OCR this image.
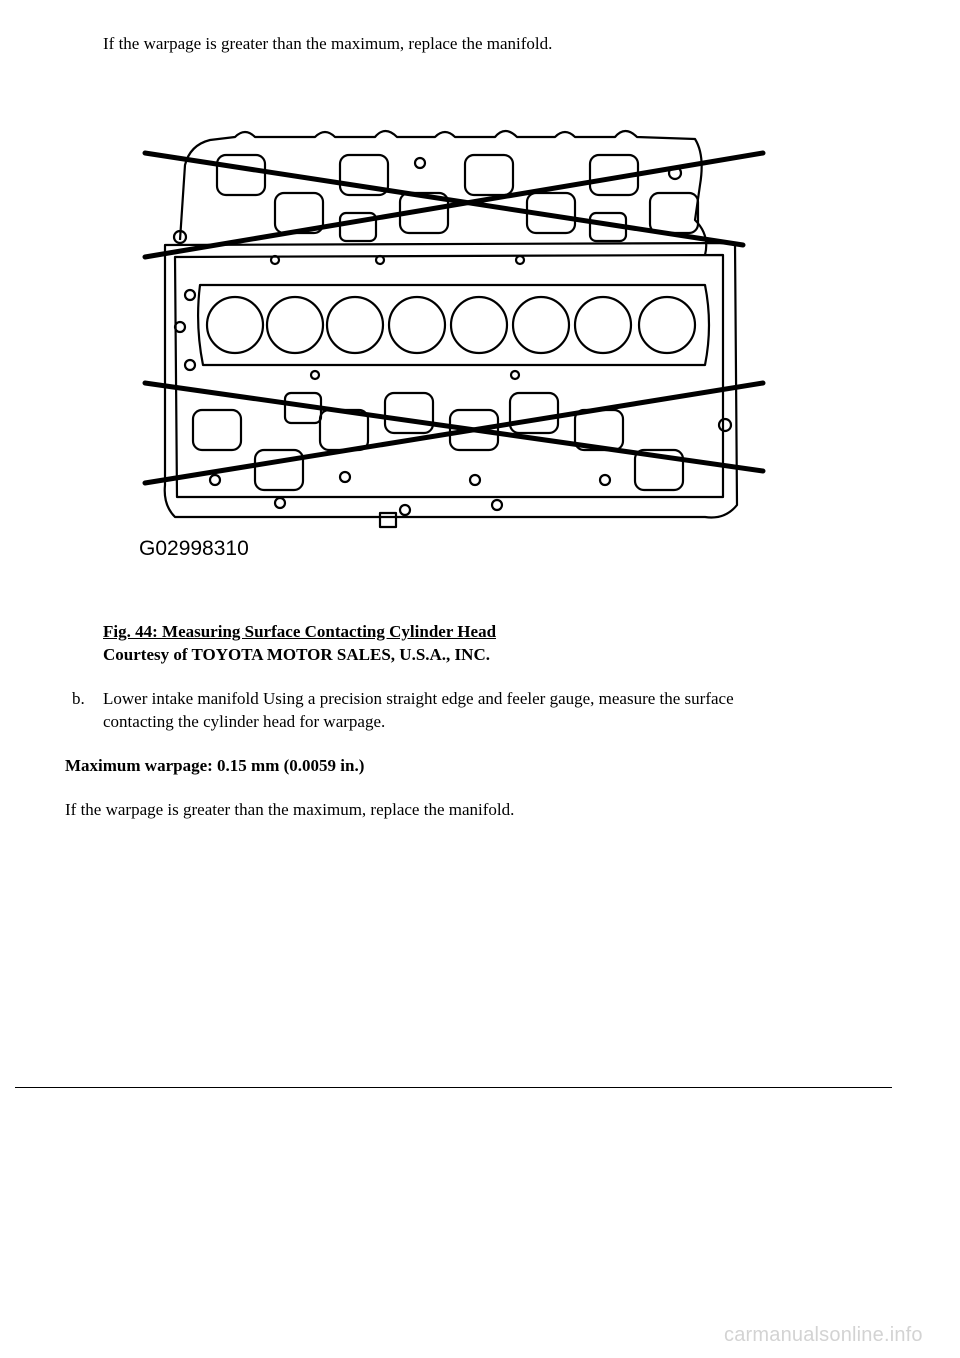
If the warpage is greater than the maximum, replace the manifold.
G02998310
Fig. 44: Measuring Surface Contacting Cylinder Head
Courtesy of TOYOTA MOTOR SALES, U.S.A., INC.
b. Lower intake manifold Using a precision straight edge and feeler gauge, measure the surface
contacting the cylinder head for warpage.
Maximum warpage: 0.15 mm (0.0059 in.)
If the warpage is greater than the maximum, replace the manifold.
carmanualsonline.info
